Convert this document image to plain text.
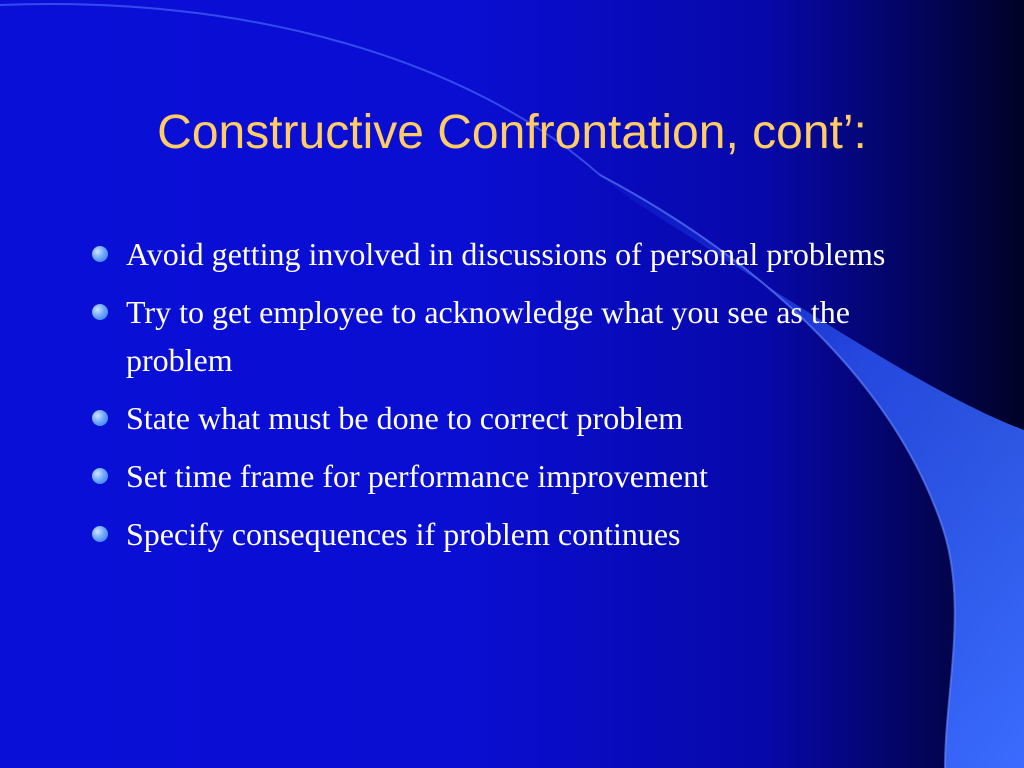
Constructive Confrontation, cont’:
Avoid getting involved in discussions of personal problems
Try to get employee to acknowledge what you see as the problem
State what must be done to correct problem
Set time frame for performance improvement
Specify consequences if problem continues
